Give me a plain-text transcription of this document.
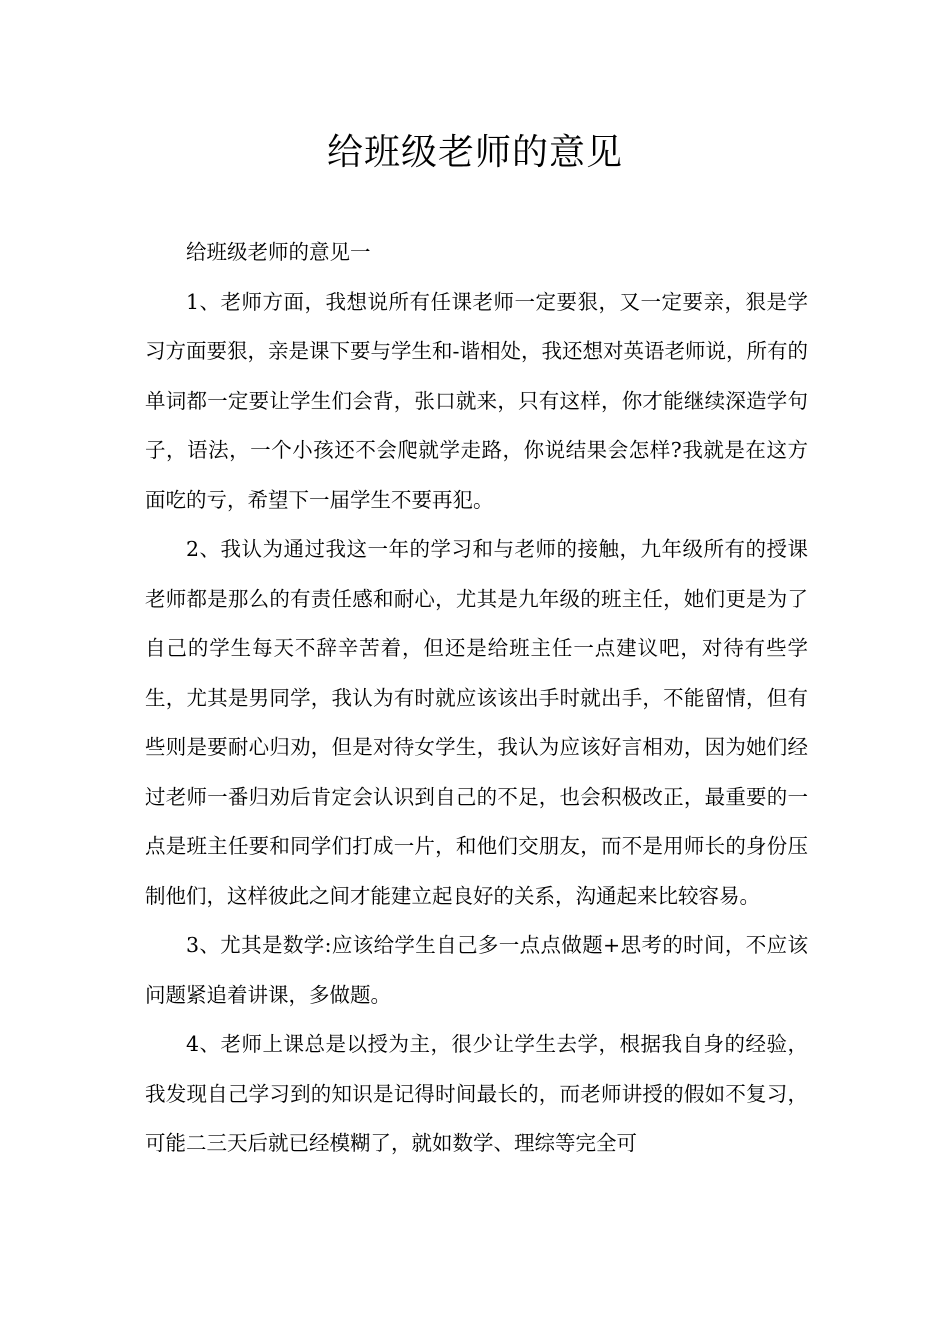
给班级老师的意见

给班级老师的意见一

1、老师方面，我想说所有任课老师一定要狠，又一定要亲，狠是学习方面要狠，亲是课下要与学生和-谐相处，我还想对英语老师说，所有的单词都一定要让学生们会背，张口就来，只有这样，你才能继续深造学句子，语法，一个小孩还不会爬就学走路，你说结果会怎样?我就是在这方面吃的亏，希望下一届学生不要再犯。

2、我认为通过我这一年的学习和与老师的接触，九年级所有的授课老师都是那么的有责任感和耐心，尤其是九年级的班主任，她们更是为了自己的学生每天不辞辛苦着，但还是给班主任一点建议吧，对待有些学生，尤其是男同学，我认为有时就应该该出手时就出手，不能留情，但有些则是要耐心归劝，但是对待女学生，我认为应该好言相劝，因为她们经过老师一番归劝后肯定会认识到自己的不足，也会积极改正，最重要的一点是班主任要和同学们打成一片，和他们交朋友，而不是用师长的身份压制他们，这样彼此之间才能建立起良好的关系，沟通起来比较容易。

3、尤其是数学:应该给学生自己多一点点做题+思考的时间，不应该问题紧追着讲课，多做题。

4、老师上课总是以授为主，很少让学生去学，根据我自身的经验，我发现自己学习到的知识是记得时间最长的，而老师讲授的假如不复习，可能二三天后就已经模糊了，就如数学、理综等完全可
